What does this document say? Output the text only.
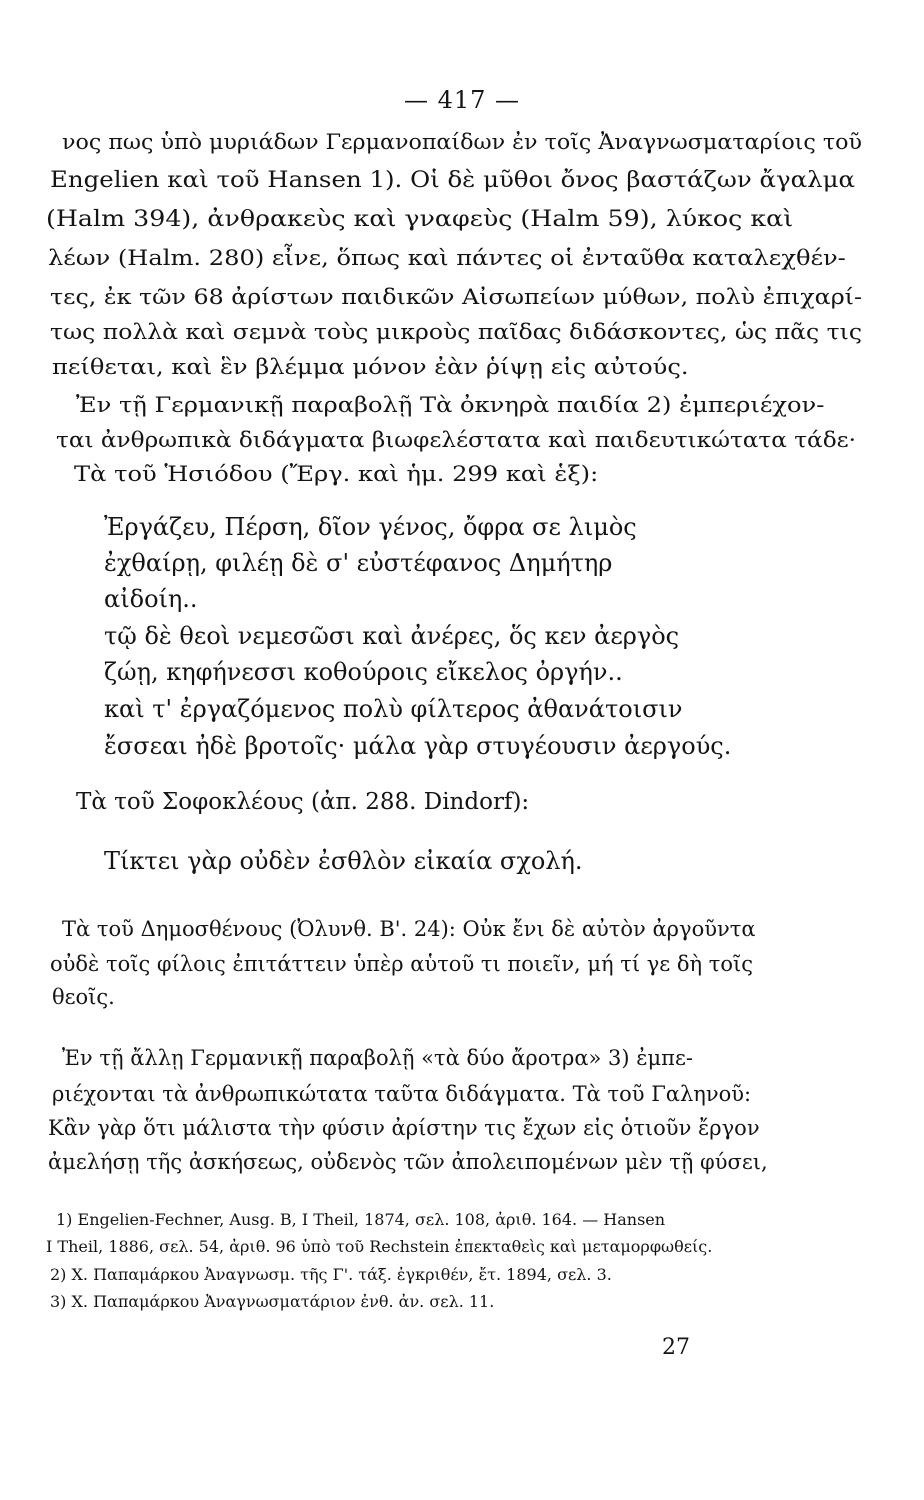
— 417 —
νος πως ὑπὸ μυριάδων Γερμανοπαίδων ἐν τοῖς Ἀναγνωσματαρίοις τοῦ
Engelien καὶ τοῦ Hansen 1). Οἱ δὲ μῦθοι ὄνος βαστάζων ἄγαλμα
(Halm 394), ἀνθρακεὺς καὶ γναφεὺς (Halm 59), λύκος καὶ
λέων (Halm. 280) εἶνε, ὅπως καὶ πάντες οἱ ἐνταῦθα καταλεχθέν-
τες, ἐκ τῶν 68 ἀρίστων παιδικῶν Αἰσωπείων μύθων, πολὺ ἐπιχαρί-
τως πολλὰ καὶ σεμνὰ τοὺς μικροὺς παῖδας διδάσκοντες, ὡς πᾶς τις
πείθεται, καὶ ἓν βλέμμα μόνον ἐὰν ῥίψῃ εἰς αὐτούς.
Ἐν τῇ Γερμανικῇ παραβολῇ Τὰ ὀκνηρὰ παιδία 2) ἐμπεριέχον-
ται ἀνθρωπικὰ διδάγματα βιωφελέστατα καὶ παιδευτικώτατα τάδε·
Τὰ τοῦ Ἡσιόδου (Ἔργ. καὶ ἡμ. 299 καὶ ἑξ):
Ἐργάζευ, Πέρση, δῖον γένος, ὄφρα σε λιμὸς
ἐχθαίρῃ, φιλέῃ δὲ σ' εὐστέφανος Δημήτηρ
αἰδοίη..
τῷ δὲ θεοὶ νεμεσῶσι καὶ ἀνέρες, ὅς κεν ἀεργὸς
ζώῃ, κηφήνεσσι κοθούροις εἴκελος ὀργήν..
καὶ τ' ἐργαζόμενος πολὺ φίλτερος ἀθανάτοισιν
ἔσσεαι ἠδὲ βροτοῖς· μάλα γὰρ στυγέουσιν ἀεργούς.
Τὰ τοῦ Σοφοκλέους (ἀπ. 288. Dindorf):
Τίκτει γὰρ οὐδὲν ἐσθλὸν εἰκαία σχολή.
Τὰ τοῦ Δημοσθένους (Ὀλυνθ. Β'. 24): Οὐκ ἔνι δὲ αὐτὸν ἀργοῦντα
οὐδὲ τοῖς φίλοις ἐπιτάττειν ὑπὲρ αὑτοῦ τι ποιεῖν, μή τί γε δὴ τοῖς
θεοῖς.
Ἐν τῇ ἄλλῃ Γερμανικῇ παραβολῇ «τὰ δύο ἄροτρα» 3) ἐμπε-
ριέχονται τὰ ἀνθρωπικώτατα ταῦτα διδάγματα. Τὰ τοῦ Γαληνοῦ:
Κἂν γὰρ ὅτι μάλιστα τὴν φύσιν ἀρίστην τις ἔχων εἰς ὁτιοῦν ἔργον
ἀμελήσῃ τῆς ἀσκήσεως, οὐδενὸς τῶν ἀπολειπομένων μὲν τῇ φύσει,
1) Engelien-Fechner, Ausg. B, I Theil, 1874, σελ. 108, ἀριθ. 164. — Hansen
I Theil, 1886, σελ. 54, ἀριθ. 96 ὑπὸ τοῦ Rechstein ἐπεκταθεὶς καὶ μεταμορφωθείς.
2) Χ. Παπαμάρκου Ἀναγνωσμ. τῆς Γ'. τάξ. ἐγκριθέν, ἔτ. 1894, σελ. 3.
3) Χ. Παπαμάρκου Ἀναγνωσματάριον ἐνθ. ἀν. σελ. 11.
27
